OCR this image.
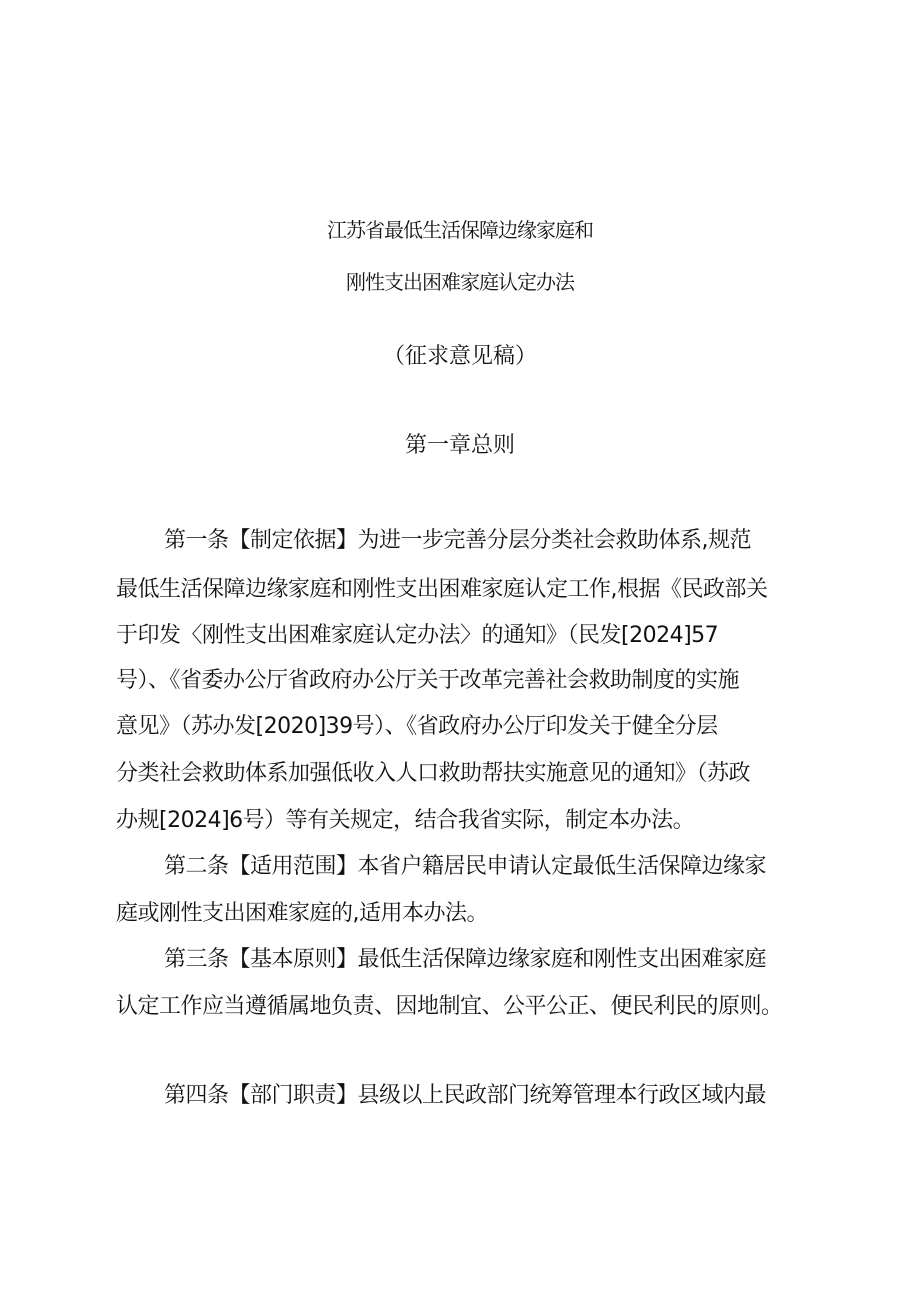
江苏省最低生活保障边缘家庭和
刚性支出困难家庭认定办法
（征求意见稿）
第一章总则
第一条【制定依据】为进一步完善分层分类社会救助体系,规范
最低生活保障边缘家庭和刚性支出困难家庭认定工作,根据《民政部关
于印发〈刚性支出困难家庭认定办法〉的通知》（民发[2024]57
号）、《省委办公厅省政府办公厅关于改革完善社会救助制度的实施
意见》（苏办发[2020]39号）、《省政府办公厅印发关于健全分层
分类社会救助体系加强低收入人口救助帮扶实施意见的通知》（苏政
办规[2024]6号）等有关规定，结合我省实际，制定本办法。
第二条【适用范围】本省户籍居民申请认定最低生活保障边缘家
庭或刚性支出困难家庭的,适用本办法。
第三条【基本原则】最低生活保障边缘家庭和刚性支出困难家庭
认定工作应当遵循属地负责、因地制宜、公平公正、便民利民的原则。
第四条【部门职责】县级以上民政部门统筹管理本行政区域内最
